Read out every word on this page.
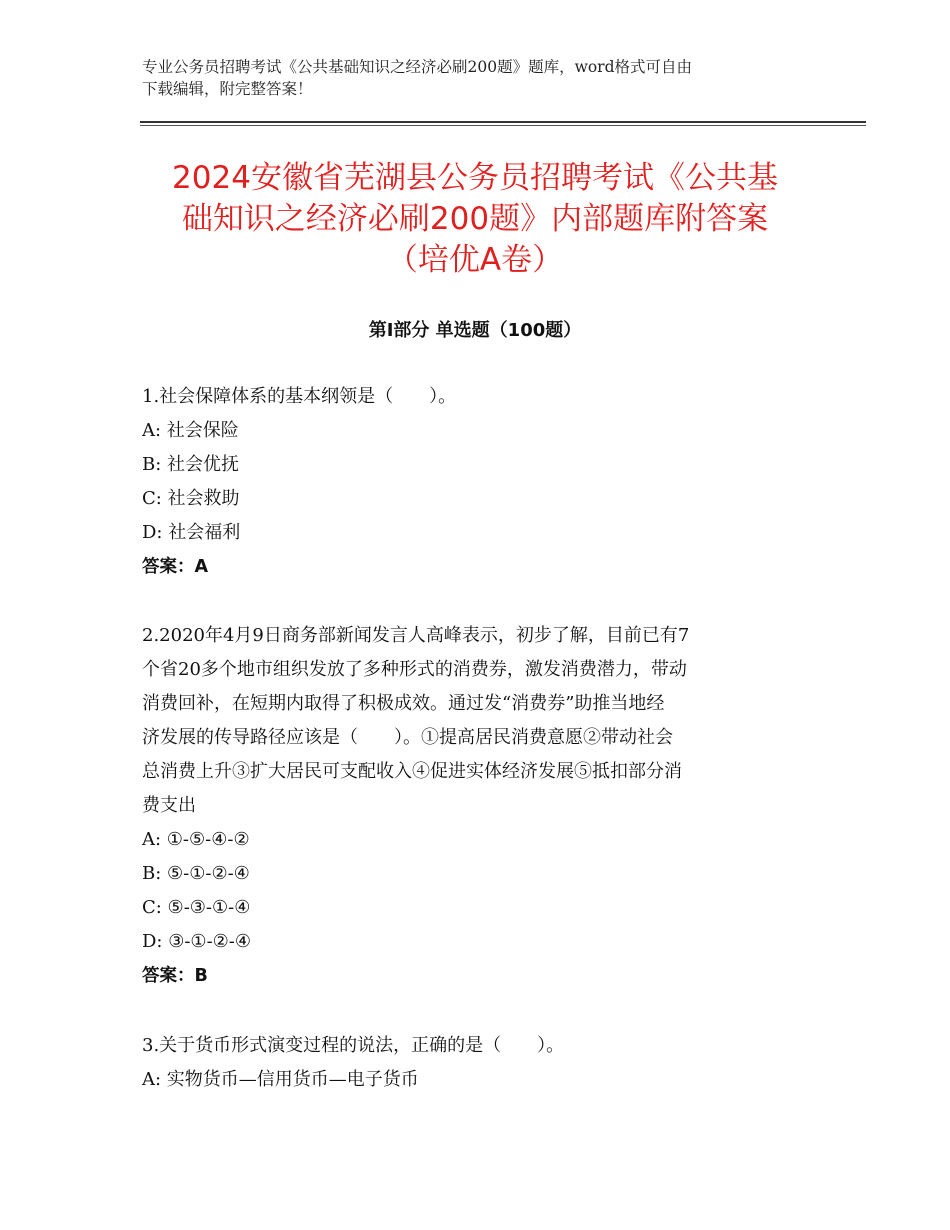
专业公务员招聘考试《公共基础知识之经济必刷200题》题库，word格式可自由
下载编辑，附完整答案！
2024安徽省芜湖县公务员招聘考试《公共基
础知识之经济必刷200题》内部题库附答案
（培优A卷）
第I部分 单选题（100题）

1.社会保障体系的基本纲领是（　　）。

A: 社会保险

B: 社会优抚

C: 社会救助

D: 社会福利

答案：A

2.2020年4月9日商务部新闻发言人高峰表示，初步了解，目前已有7

个省20多个地市组织发放了多种形式的消费券，激发消费潜力，带动

消费回补，在短期内取得了积极成效。通过发“消费券”助推当地经

济发展的传导路径应该是（　　）。①提高居民消费意愿②带动社会

总消费上升③扩大居民可支配收入④促进实体经济发展⑤抵扣部分消

费支出

A: ①-⑤-④-②

B: ⑤-①-②-④

C: ⑤-③-①-④

D: ③-①-②-④

答案：B

3.关于货币形式演变过程的说法，正确的是（　　）。

A: 实物货币—信用货币—电子货币
